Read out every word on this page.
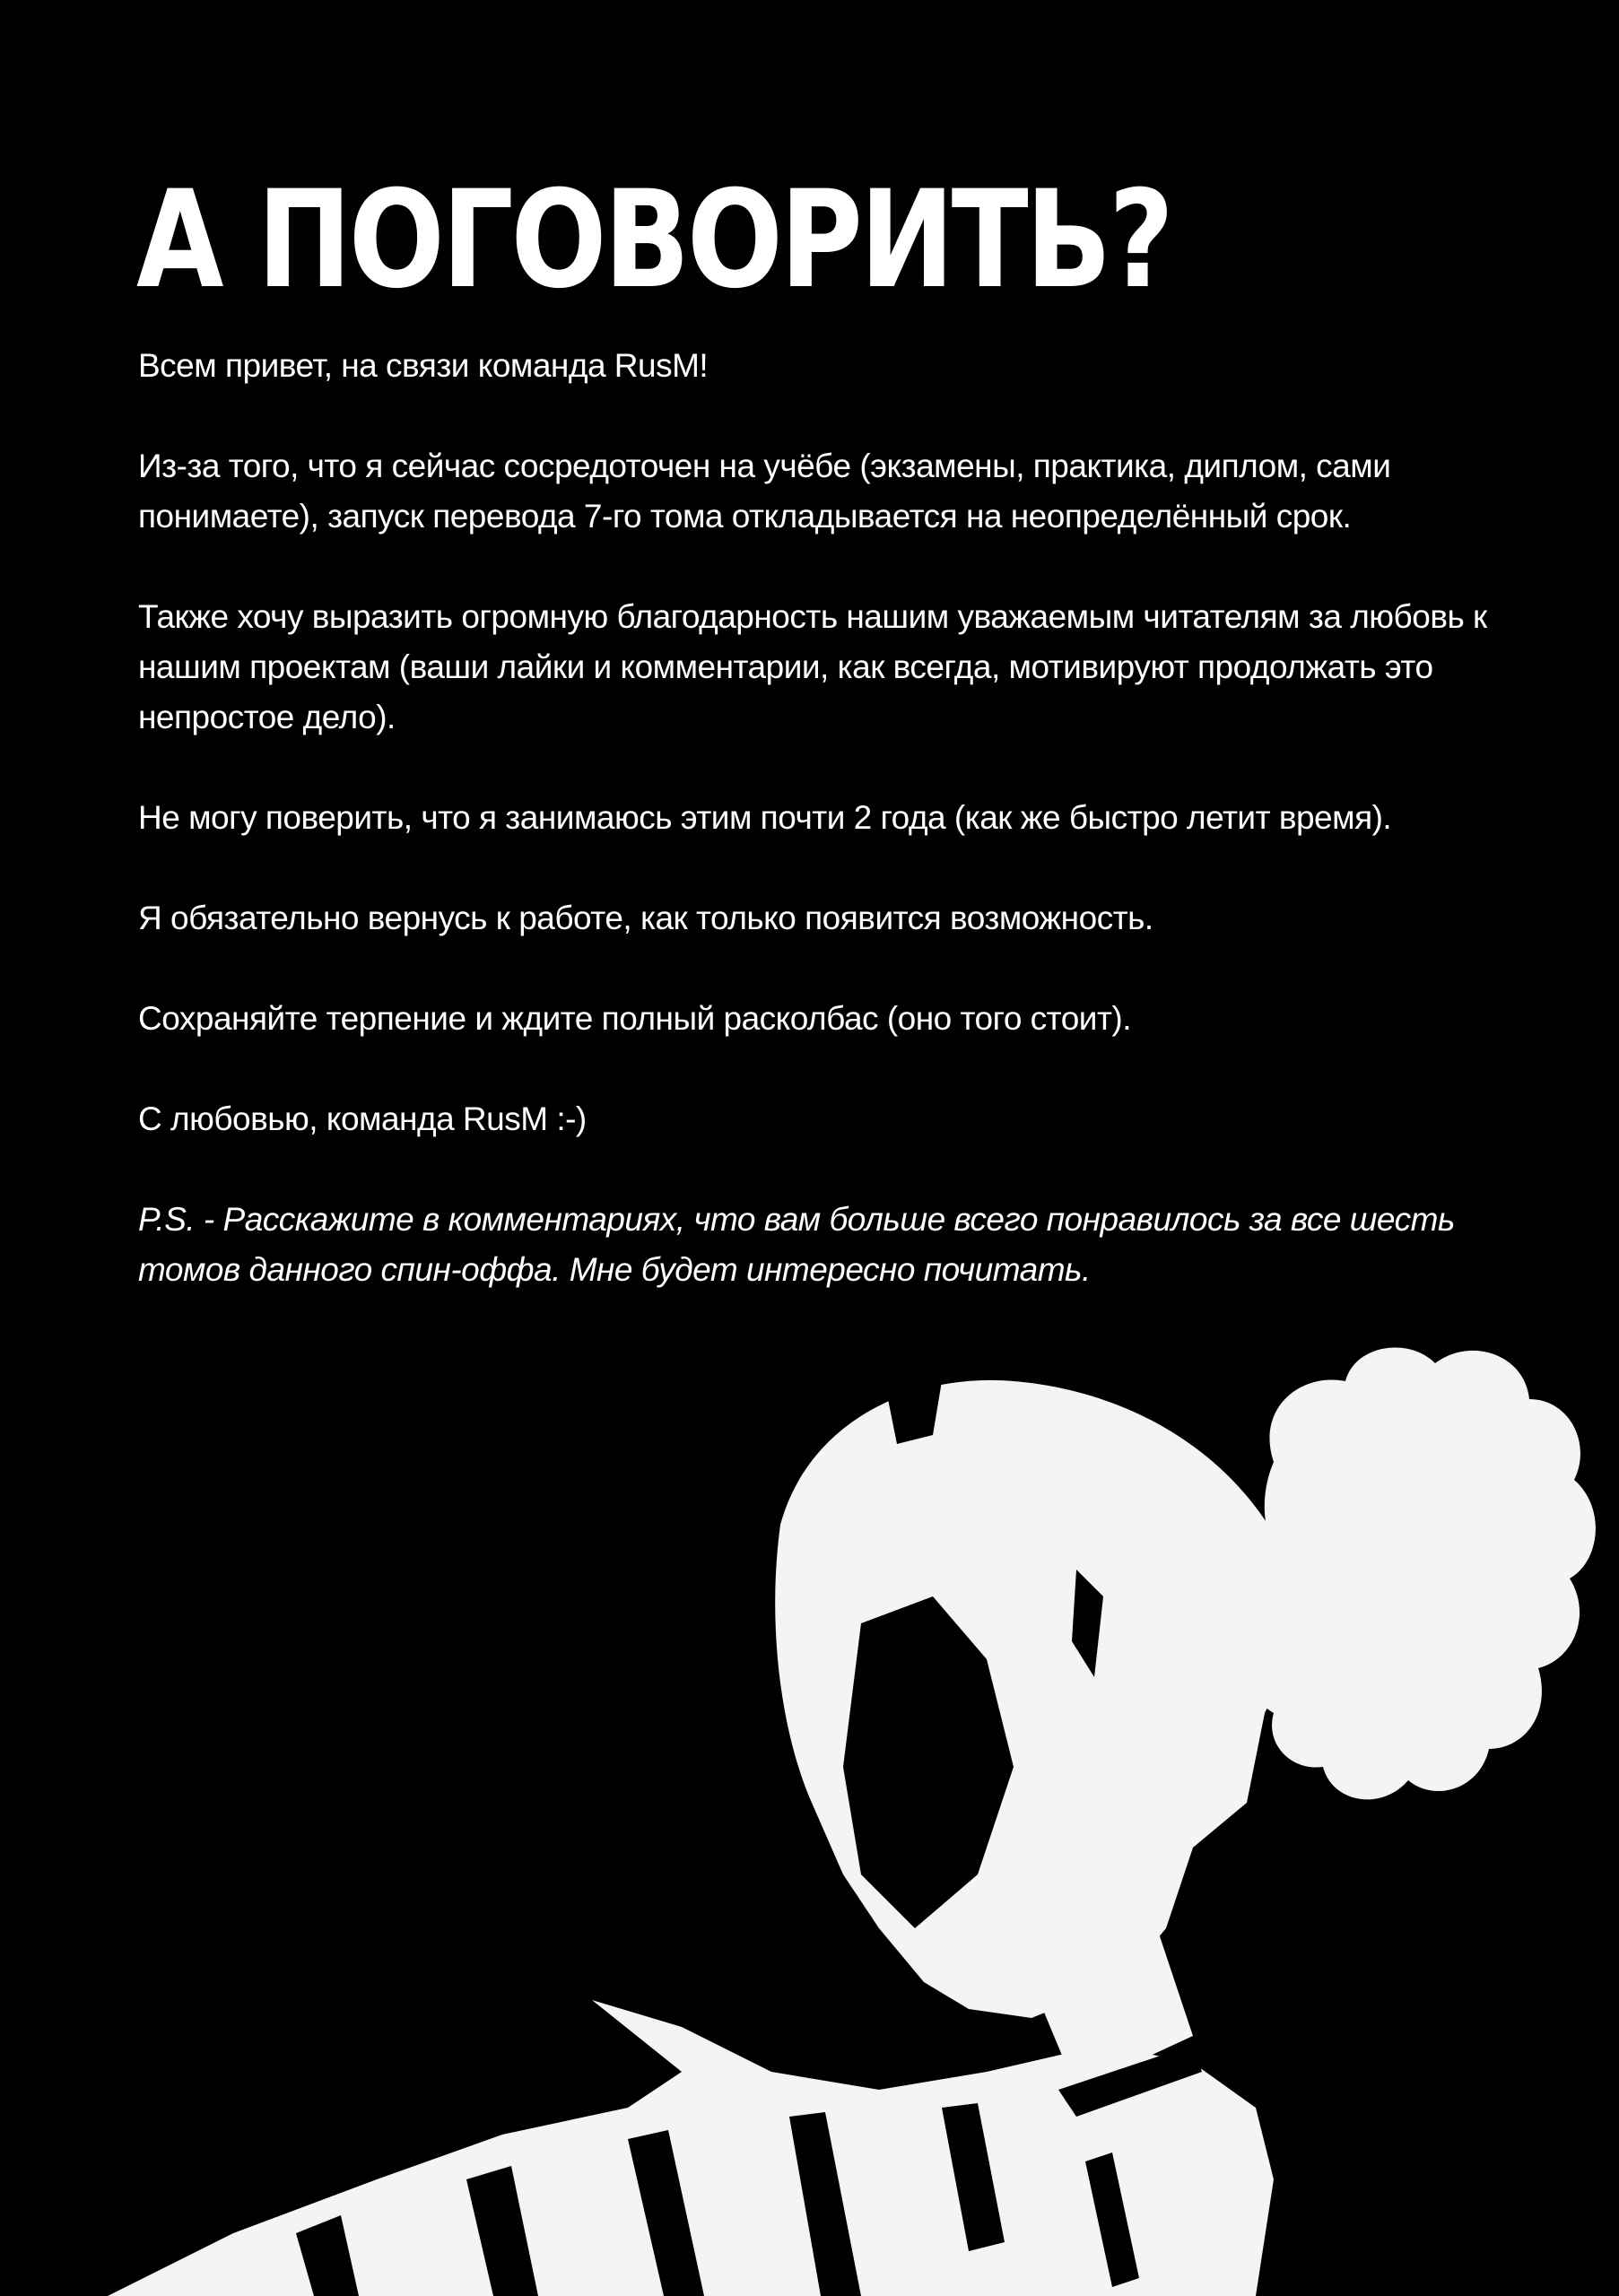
А ПОГОВОРИТЬ?

Всем привет, на связи команда RusM!

Из-за того, что я сейчас сосредоточен на учёбе (экзамены, практика, диплом, сами понимаете), запуск перевода 7-го тома откладывается на неопределённый срок.

Также хочу выразить огромную благодарность нашим уважаемым читателям за любовь к нашим проектам (ваши лайки и комментарии, как всегда, мотивируют продолжать это непростое дело).

Не могу поверить, что я занимаюсь этим почти 2 года (как же быстро летит время).

Я обязательно вернусь к работе, как только появится возможность.

Сохраняйте терпение и ждите полный расколбас (оно того стоит).

С любовью, команда RusM :-)

P.S. - Расскажите в комментариях, что вам больше всего понравилось за все шесть томов данного спин-оффа. Мне будет интересно почитать.
